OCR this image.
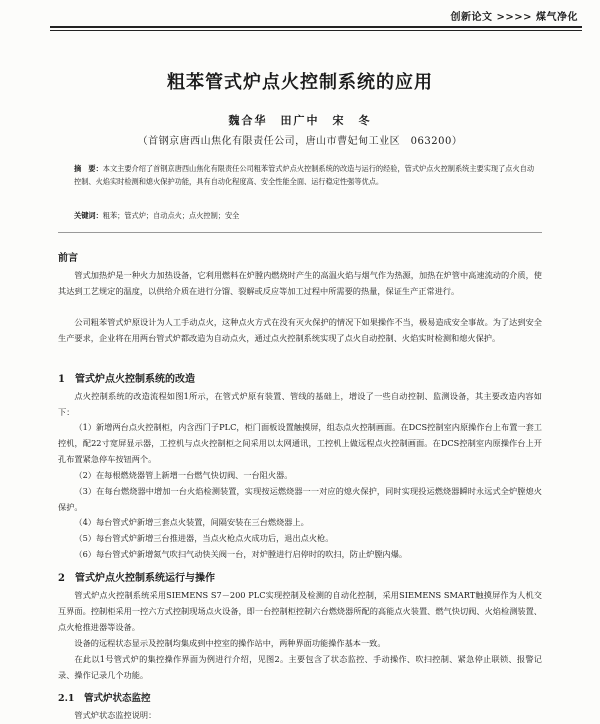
创新论文 >>>> 煤气净化
粗苯管式炉点火控制系统的应用
魏合华　田广中　宋　冬
（首钢京唐西山焦化有限责任公司，唐山市曹妃甸工业区　063200）
摘　要：本文主要介绍了首钢京唐西山焦化有限责任公司粗苯管式炉点火控制系统的改造与运行的经验，管式炉点火控制系统主要实现了点火自动控制、火焰实时检测和熄火保护功能，具有自动化程度高、安全性能全面、运行稳定性强等优点。
关键词：粗苯；管式炉；自动点火；点火控制；安全
前言
管式加热炉是一种火力加热设备，它利用燃料在炉膛内燃烧时产生的高温火焰与烟气作为热源，加热在炉管中高速流动的介质，使其达到工艺规定的温度，以供给介质在进行分馏、裂解或反应等加工过程中所需要的热量，保证生产正常进行。
公司粗苯管式炉原设计为人工手动点火，这种点火方式在没有灭火保护的情况下如果操作不当，极易造成安全事故。为了达到安全生产要求，企业将在用两台管式炉都改造为自动点火，通过点火控制系统实现了点火自动控制、火焰实时检测和熄火保护。
1　管式炉点火控制系统的改造
点火控制系统的改造流程如图1所示，在管式炉原有装置、管线的基础上，增设了一些自动控制、监测设备，其主要改造内容如下：
（1）新增两台点火控制柜，内含西门子PLC，柜门面板设置触摸屏，组态点火控制画面。在DCS控制室内原操作台上布置一套工控机，配22寸宽屏显示器，工控机与点火控制柜之间采用以太网通讯，工控机上做远程点火控制画面。在DCS控制室内原操作台上开孔布置紧急停车按钮两个。
（2）在每根燃烧器管上新增一台燃气快切阀、一台阻火器。
（3）在每台燃烧器中增加一台火焰检测装置，实现按运燃烧器一一对应的熄火保护，同时实现投运燃烧器瞬时永远式全炉膛熄火保护。
（4）每台管式炉新增三套点火装置，间隔安装在三台燃烧器上。
（5）每台管式炉新增三台推进器，当点火枪点火成功后，退出点火枪。
（6）每台管式炉新增氮气吹扫气动快关阀一台，对炉膛进行启停时的吹扫，防止炉膛内爆。
2　管式炉点火控制系统运行与操作
管式炉点火控制系统采用SIEMENS S7－200 PLC实现控制及检测的自动化控制，采用SIEMENS SMART触摸屏作为人机交互界面。控制柜采用一控六方式控制现场点火设备，即一台控制柜控制六台燃烧器所配的高能点火装置、燃气快切阀、火焰检测装置、点火枪推进器等设备。
设备的远程状态显示及控制均集成到中控室的操作站中，两种界面功能操作基本一致。
在此以1号管式炉的集控操作界面为例进行介绍，见图2。主要包含了状态监控、手动操作、吹扫控制、紧急停止联锁、报警记录、操作记录几个功能。
2.1　管式炉状态监控
管式炉状态监控说明：
